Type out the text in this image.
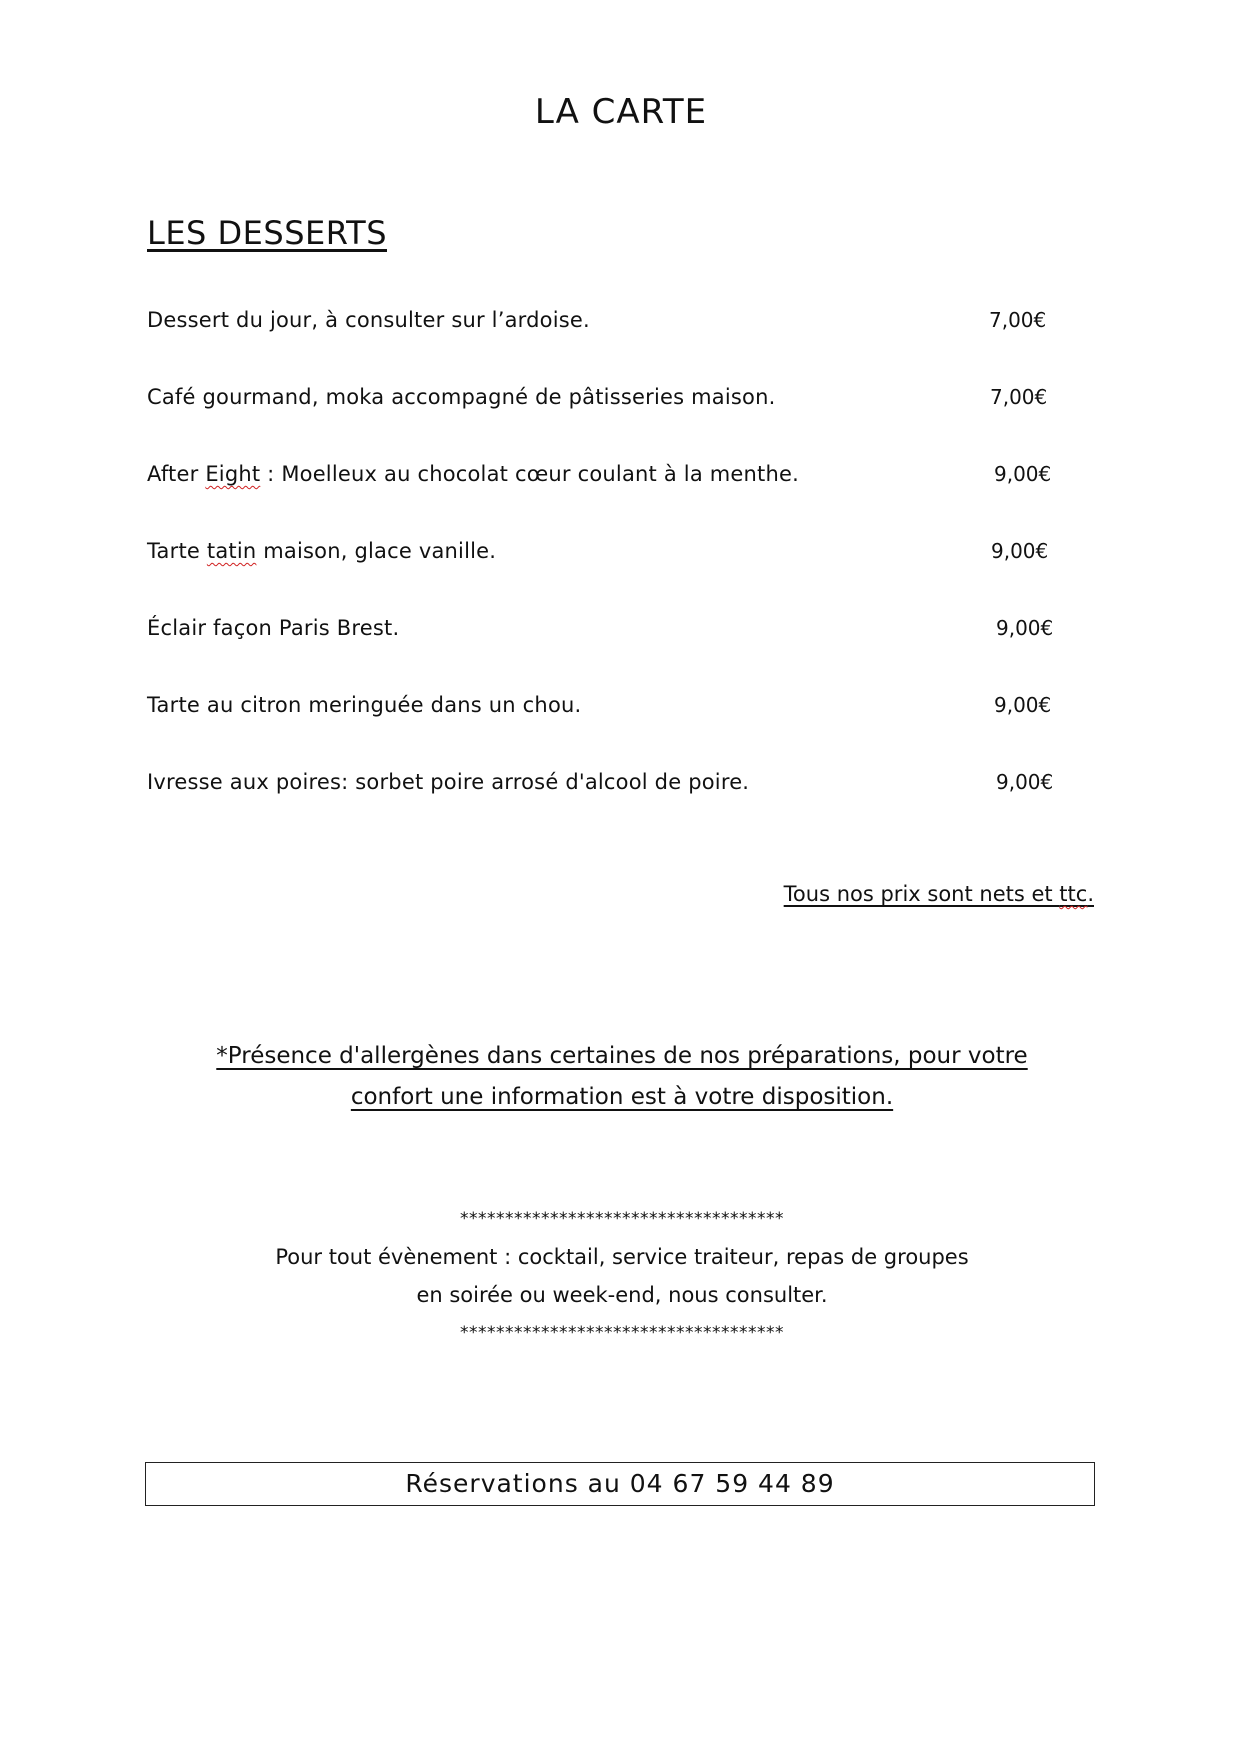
LA CARTE
LES DESSERTS
Dessert du jour, à consulter sur l’ardoise.	7,00€
Café gourmand, moka accompagné de pâtisseries maison.	7,00€
After Eight : Moelleux au chocolat cœur coulant à la menthe.	9,00€
Tarte tatin maison, glace vanille.	9,00€
Éclair façon Paris Brest.	9,00€
Tarte au citron meringuée dans un chou.	9,00€
Ivresse aux poires: sorbet poire arrosé d'alcool de poire.	9,00€
Tous nos prix sont nets et ttc.
*Présence d'allergènes dans certaines de nos préparations, pour votre
confort une information est à votre disposition.
************************************
Pour tout évènement : cocktail, service traiteur, repas de groupes
en soirée ou week-end, nous consulter.
************************************
Réservations au 04 67 59 44 89
